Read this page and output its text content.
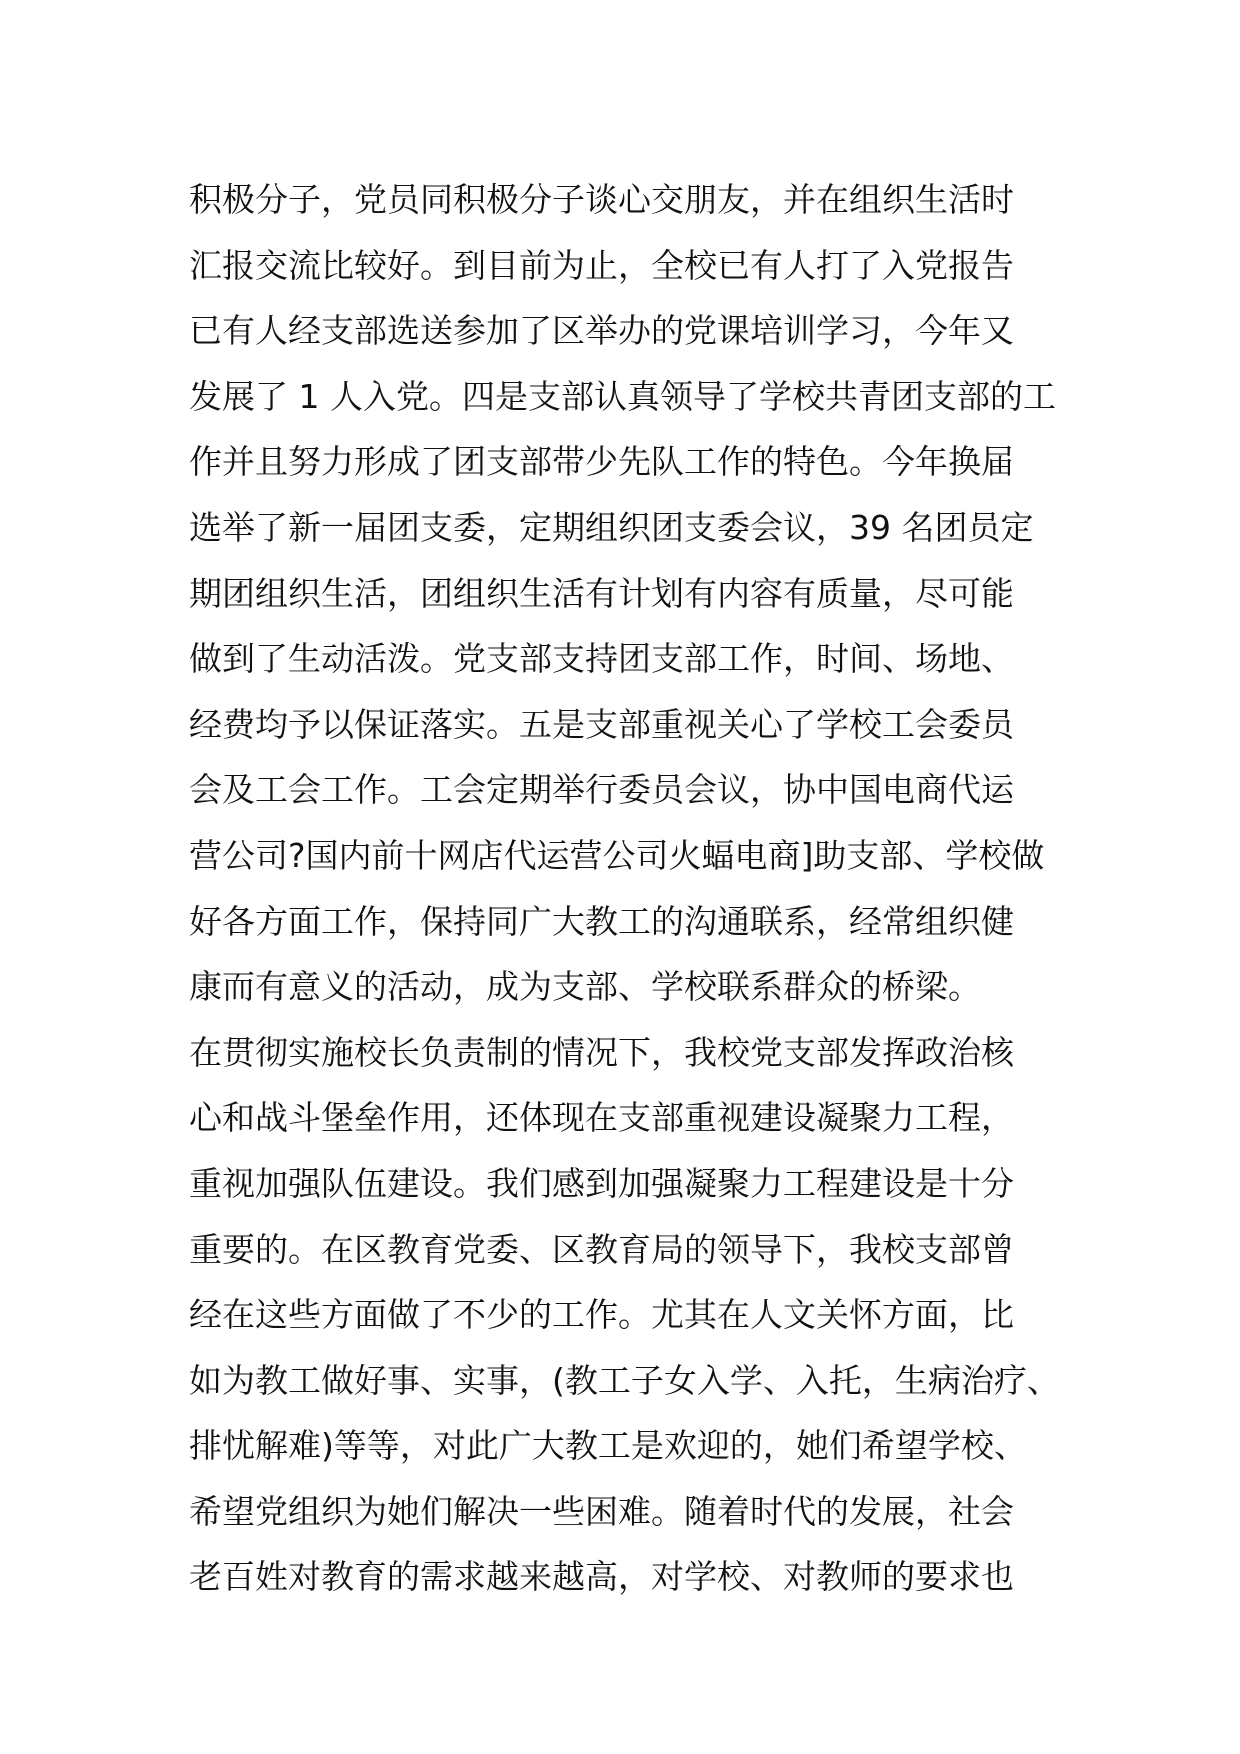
积极分子，党员同积极分子谈心交朋友，并在组织生活时
汇报交流比较好。到目前为止，全校已有人打了入党报告
已有人经支部选送参加了区举办的党课培训学习，今年又
发展了 1 人入党。四是支部认真领导了学校共青团支部的工
作并且努力形成了团支部带少先队工作的特色。今年换届
选举了新一届团支委，定期组织团支委会议，39 名团员定
期团组织生活，团组织生活有计划有内容有质量，尽可能
做到了生动活泼。党支部支持团支部工作，时间、场地、
经费均予以保证落实。五是支部重视关心了学校工会委员
会及工会工作。工会定期举行委员会议，协中国电商代运
营公司?国内前十网店代运营公司火蝠电商]助支部、学校做
好各方面工作，保持同广大教工的沟通联系，经常组织健
康而有意义的活动，成为支部、学校联系群众的桥梁。
在贯彻实施校长负责制的情况下，我校党支部发挥政治核
心和战斗堡垒作用，还体现在支部重视建设凝聚力工程，
重视加强队伍建设。我们感到加强凝聚力工程建设是十分
重要的。在区教育党委、区教育局的领导下，我校支部曾
经在这些方面做了不少的工作。尤其在人文关怀方面，比
如为教工做好事、实事，(教工子女入学、入托，生病治疗、
排忧解难)等等，对此广大教工是欢迎的，她们希望学校、
希望党组织为她们解决一些困难。随着时代的发展，社会
老百姓对教育的需求越来越高，对学校、对教师的要求也
